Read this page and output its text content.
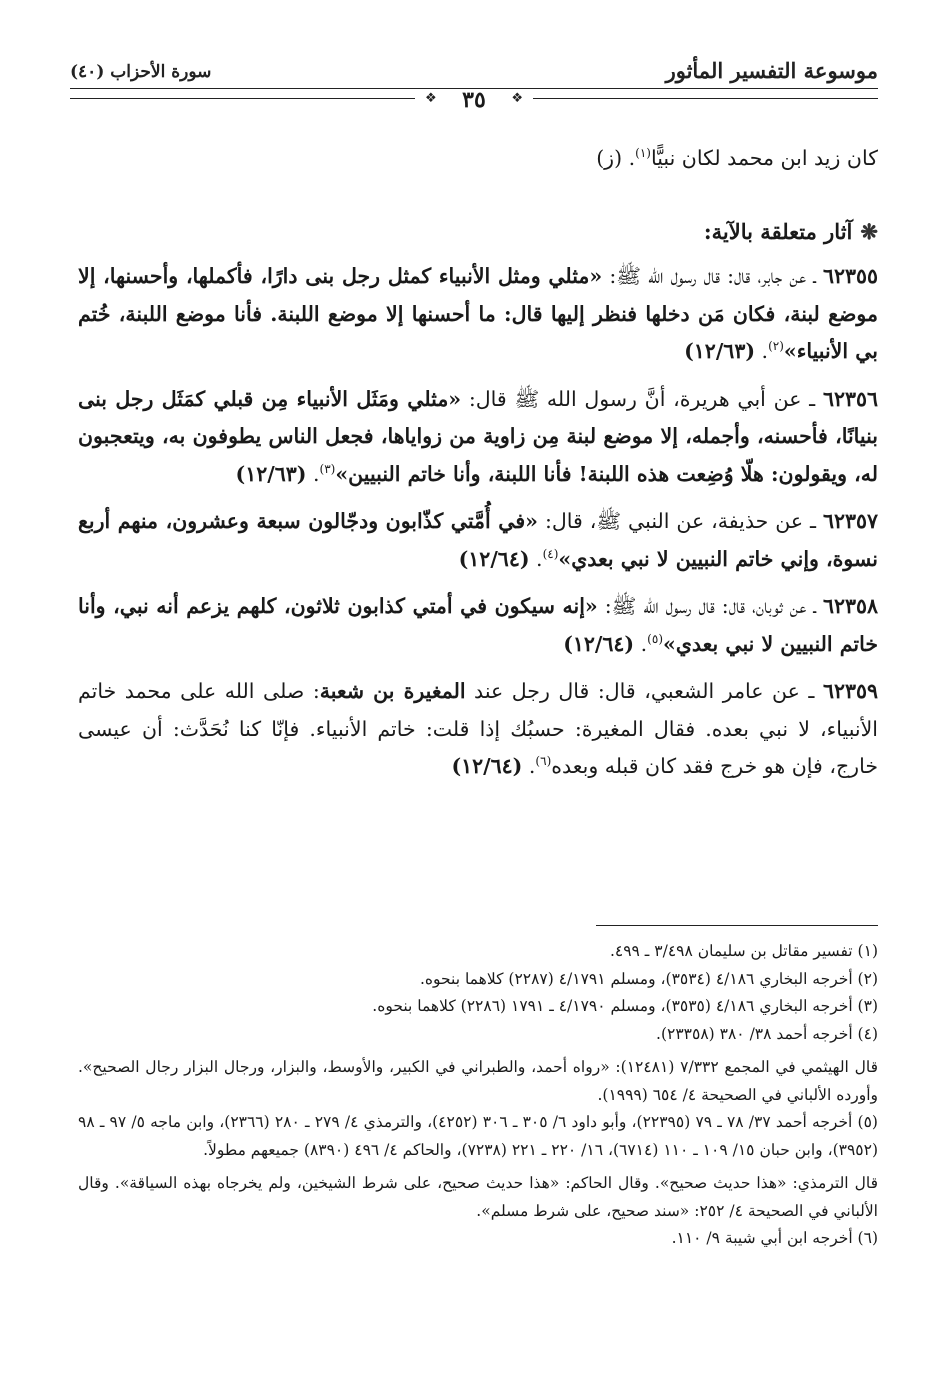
موسوعة التفسير المأثور
سورة الأحزاب (٤٠)
❖	❖
٣٥
كان زيد ابن محمد لكان نبيًّا$^{(١)}$. (ز)
❋آثار متعلقة بالآية:
٦٢٣٥٥ ـ عن جابر، قال: قال رسول الله ﷺ: «مثلي ومثل الأنبياء كمثل رجل بنى دارًا، فأكملها، وأحسنها، إلا موضع لبنة، فكان مَن دخلها فنظر إليها قال: ما أحسنها إلا موضع اللبنة. فأنا موضع اللبنة، خُتم بي الأنبياء»$^{(٢)}$. (١٢/٦٣)
٦٢٣٥٦ ـ عن أبي هريرة، أنَّ رسول الله ﷺ قال: «مثلي ومَثَل الأنبياء مِن قبلي كمَثَل رجل بنى بنيانًا، فأحسنه، وأجمله، إلا موضع لبنة مِن زاوية من زواياها، فجعل الناس يطوفون به، ويتعجبون له، ويقولون: هلّا وُضِعت هذه اللبنة! فأنا اللبنة، وأنا خاتم النبيين»$^{(٣)}$. (١٢/٦٣)
٦٢٣٥٧ ـ عن حذيفة، عن النبي ﷺ، قال: «في أُمَّتي كذّابون ودجّالون سبعة وعشرون، منهم أربع نسوة، وإني خاتم النبيين لا نبي بعدي»$^{(٤)}$. (١٢/٦٤)
٦٢٣٥٨ ـ عن ثوبان، قال: قال رسول الله ﷺ: «إنه سيكون في أمتي كذابون ثلاثون، كلهم يزعم أنه نبي، وأنا خاتم النبيين لا نبي بعدي»$^{(٥)}$. (١٢/٦٤)
٦٢٣٥٩ ـ عن عامر الشعبي، قال: قال رجل عند المغيرة بن شعبة: صلى الله على محمد خاتم الأنبياء، لا نبي بعده. فقال المغيرة: حسبُك إذا قلت: خاتم الأنبياء. فإنّا كنا نُحَدَّث: أن عيسى خارج، فإن هو خرج فقد كان قبله وبعده$^{(٦)}$. (١٢/٦٤)
(١) تفسير مقاتل بن سليمان ٣/٤٩٨ ـ ٤٩٩.
(٢) أخرجه البخاري ٤/١٨٦ (٣٥٣٤)، ومسلم ٤/١٧٩١ (٢٢٨٧) كلاهما بنحوه.
(٣) أخرجه البخاري ٤/١٨٦ (٣٥٣٥)، ومسلم ٤/١٧٩٠ ـ ١٧٩١ (٢٢٨٦) كلاهما بنحوه.
(٤) أخرجه أحمد ٣٨/ ٣٨٠ (٢٣٣٥٨).
قال الهيثمي في المجمع ٧/٣٣٢ (١٢٤٨١): «رواه أحمد، والطبراني في الكبير، والأوسط، والبزار، ورجال البزار رجال الصحيح». وأورده الألباني في الصحيحة ٤/ ٦٥٤ (١٩٩٩).
(٥) أخرجه أحمد ٣٧/ ٧٨ ـ ٧٩ (٢٢٣٩٥)، وأبو داود ٦/ ٣٠٥ ـ ٣٠٦ (٤٢٥٢)، والترمذي ٤/ ٢٧٩ ـ ٢٨٠ (٢٣٦٦)، وابن ماجه ٥/ ٩٧ ـ ٩٨ (٣٩٥٢)، وابن حبان ١٥/ ١٠٩ ـ ١١٠ (٦٧١٤)، ١٦/ ٢٢٠ ـ ٢٢١ (٧٢٣٨)، والحاكم ٤/ ٤٩٦ (٨٣٩٠) جميعهم مطولاً.
قال الترمذي: «هذا حديث صحيح». وقال الحاكم: «هذا حديث صحيح، على شرط الشيخين، ولم يخرجاه بهذه السياقة». وقال الألباني في الصحيحة ٤/ ٢٥٢: «سند صحيح، على شرط مسلم».
(٦) أخرجه ابن أبي شيبة ٩/ ١١٠.
